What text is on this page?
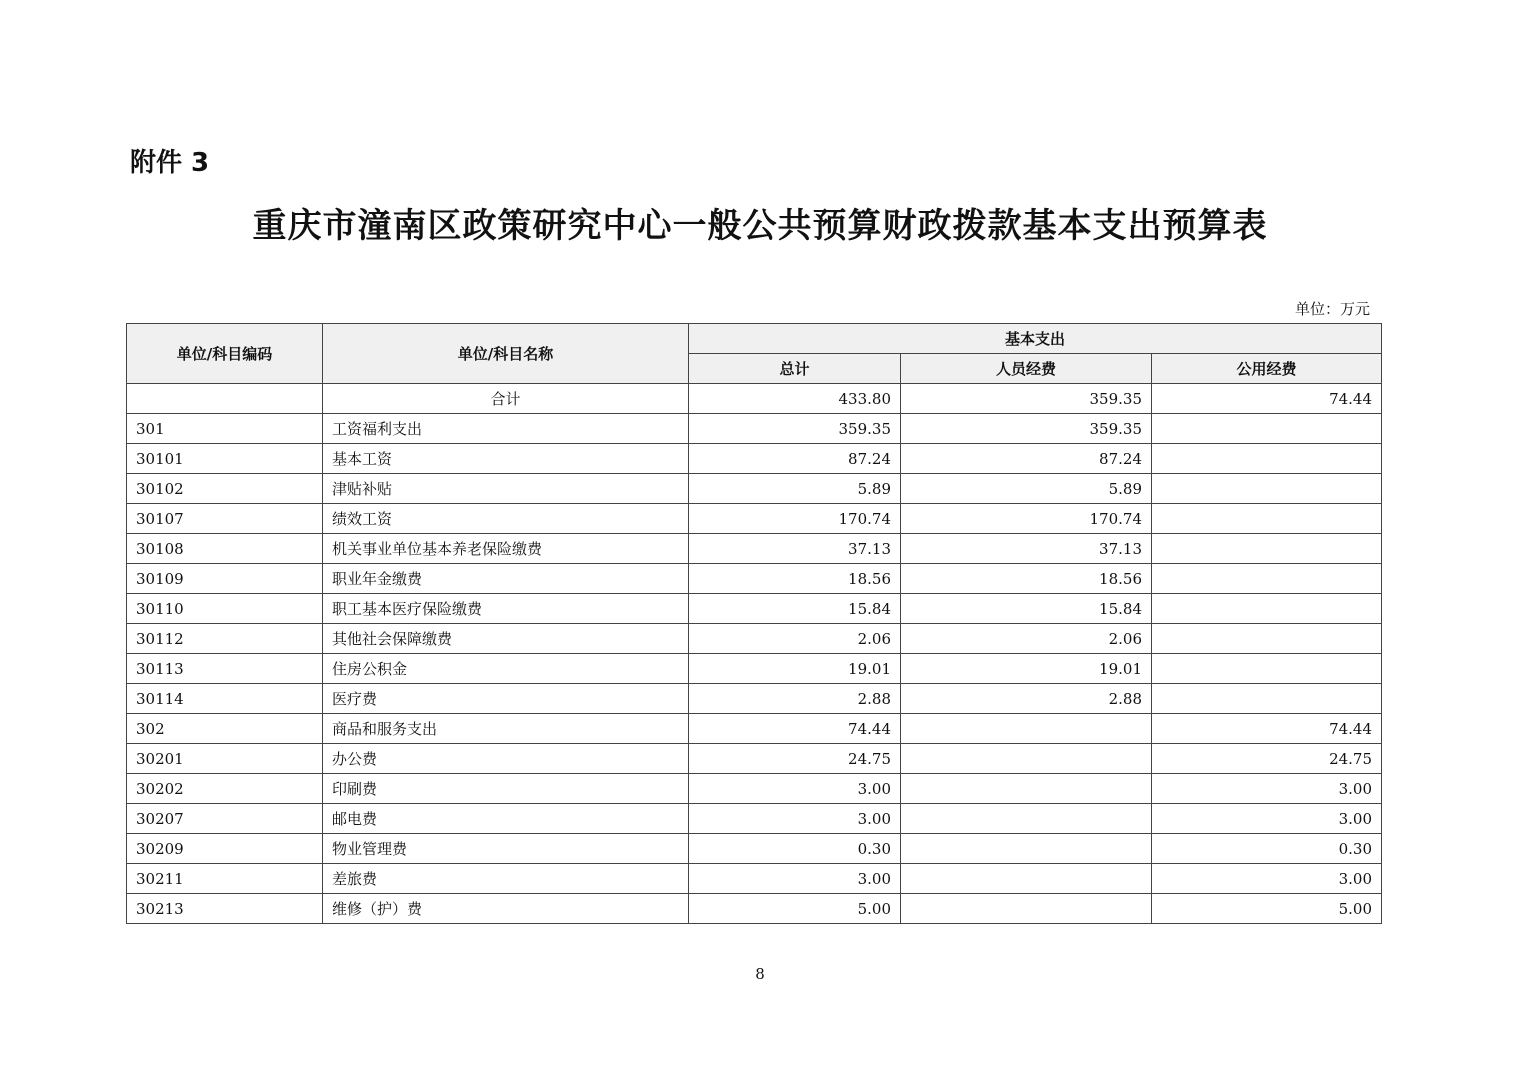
附件 3
重庆市潼南区政策研究中心一般公共预算财政拨款基本支出预算表
单位：万元
单位/科目编码	单位/科目名称	基本支出		
		总计	人员经费	公用经费
	合计	433.80	359.35	74.44
301	工资福利支出	359.35	359.35	
30101	基本工资	87.24	87.24	
30102	津贴补贴	5.89	5.89	
30107	绩效工资	170.74	170.74	
30108	机关事业单位基本养老保险缴费	37.13	37.13	
30109	职业年金缴费	18.56	18.56	
30110	职工基本医疗保险缴费	15.84	15.84	
30112	其他社会保障缴费	2.06	2.06	
30113	住房公积金	19.01	19.01	
30114	医疗费	2.88	2.88	
302	商品和服务支出	74.44		74.44
30201	办公费	24.75		24.75
30202	印刷费	3.00		3.00
30207	邮电费	3.00		3.00
30209	物业管理费	0.30		0.30
30211	差旅费	3.00		3.00
30213	维修（护）费	5.00		5.00
8
